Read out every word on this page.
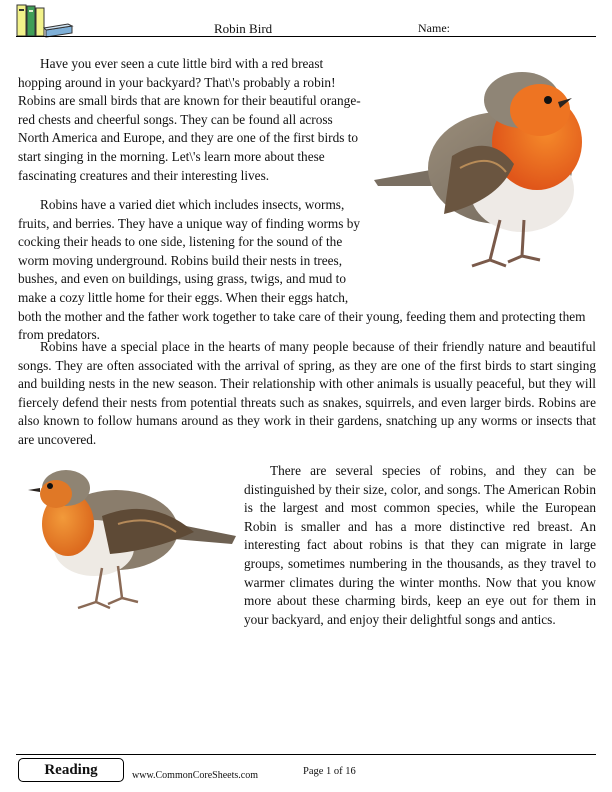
Robin Bird	Name:

Have you ever seen a cute little bird with a red breast hopping around in your backyard? That\'s probably a robin! Robins are small birds that are known for their beautiful orange-red chests and cheerful songs. They can be found all across North America and Europe, and they are one of the first birds to start singing in the morning. Let\'s learn more about these fascinating creatures and their interesting lives.

Robins have a varied diet which includes insects, worms, fruits, and berries. They have a unique way of finding worms by cocking their heads to one side, listening for the sound of the worm moving underground. Robins build their nests in trees, bushes, and even on buildings, using grass, twigs, and mud to make a cozy little home for their eggs. When their eggs hatch, both the mother and the father work together to take care of their young, feeding them and protecting them from predators.

Robins have a special place in the hearts of many people because of their friendly nature and beautiful songs. They are often associated with the arrival of spring, as they are one of the first birds to start singing and building nests in the new season. Their relationship with other animals is usually peaceful, but they will fiercely defend their nests from potential threats such as snakes, squirrels, and even larger birds. Robins are also known to follow humans around as they work in their gardens, snatching up any worms or insects that are uncovered.

There are several species of robins, and they can be distinguished by their size, color, and songs. The American Robin is the largest and most common species, while the European Robin is smaller and has a more distinctive red breast. An interesting fact about robins is that they can migrate in large groups, sometimes numbering in the thousands, as they travel to warmer climates during the winter months. Now that you know more about these charming birds, keep an eye out for them in your backyard, and enjoy their delightful songs and antics.

Reading	www.CommonCoreSheets.com	Page 1 of 16
